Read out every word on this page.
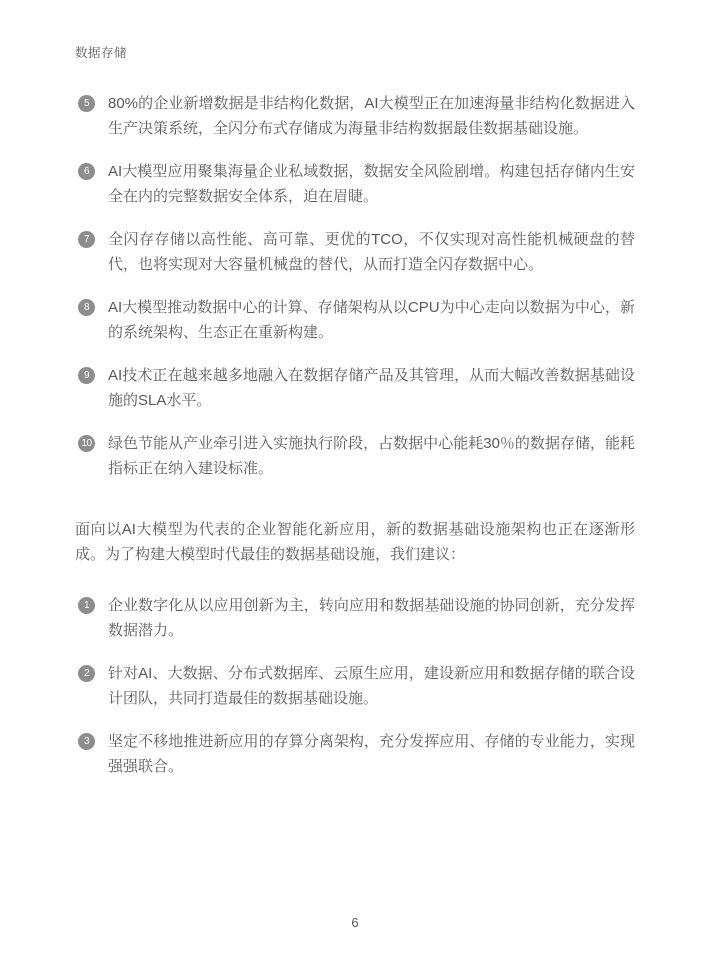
数据存储
5	80%的企业新增数据是非结构化数据，AI大模型正在加速海量非结构化数据进入生产决策系统，全闪分布式存储成为海量非结构数据最佳数据基础设施。
6	AI大模型应用聚集海量企业私域数据，数据安全风险剧增。构建包括存储内生安全在内的完整数据安全体系，迫在眉睫。
7	全闪存存储以高性能、高可靠、更优的TCO，不仅实现对高性能机械硬盘的替代，也将实现对大容量机械盘的替代，从而打造全闪存数据中心。
8	AI大模型推动数据中心的计算、存储架构从以CPU为中心走向以数据为中心，新的系统架构、生态正在重新构建。
9	AI技术正在越来越多地融入在数据存储产品及其管理，从而大幅改善数据基础设施的SLA水平。
10 绿色节能从产业牵引进入实施执行阶段，占数据中心能耗30％的数据存储，能耗指标正在纳入建设标准。
面向以AI大模型为代表的企业智能化新应用，新的数据基础设施架构也正在逐渐形成。为了构建大模型时代最佳的数据基础设施，我们建议：
1	企业数字化从以应用创新为主，转向应用和数据基础设施的协同创新，充分发挥数据潜力。
2	针对AI、大数据、分布式数据库、云原生应用，建设新应用和数据存储的联合设计团队，共同打造最佳的数据基础设施。
3	坚定不移地推进新应用的存算分离架构，充分发挥应用、存储的专业能力，实现强强联合。
6
